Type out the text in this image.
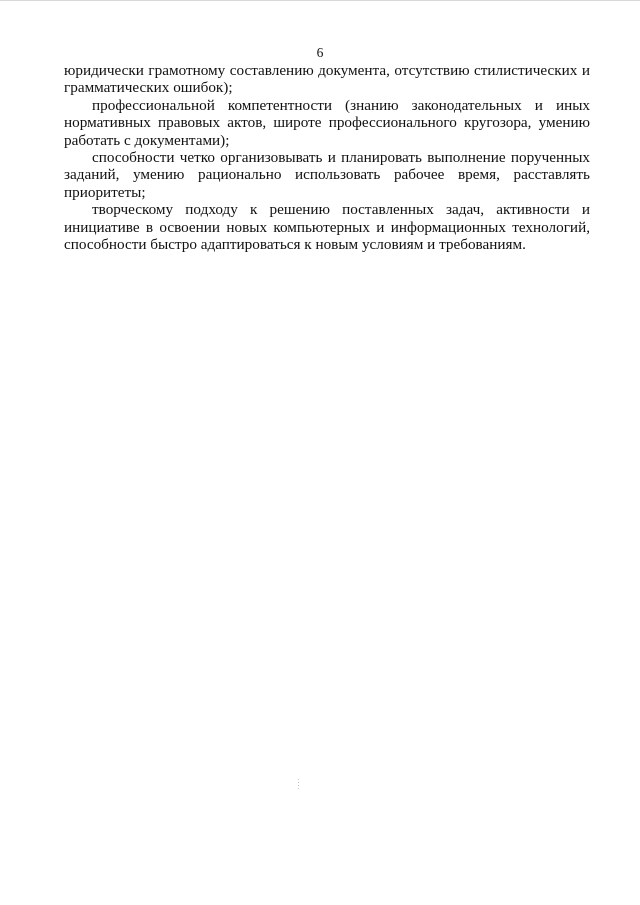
6

юридически грамотному составлению документа, отсутствию стилистических и грамматических ошибок);

профессиональной компетентности (знанию законодательных и иных нормативных правовых актов, широте профессионального кругозора, умению работать с документами);

способности четко организовывать и планировать выполнение порученных заданий, умению рационально использовать рабочее время, расставлять приоритеты;

творческому подходу к решению поставленных задач, активности и инициативе в освоении новых компьютерных и информационных технологий, способности быстро адаптироваться к новым условиям и требованиям.
